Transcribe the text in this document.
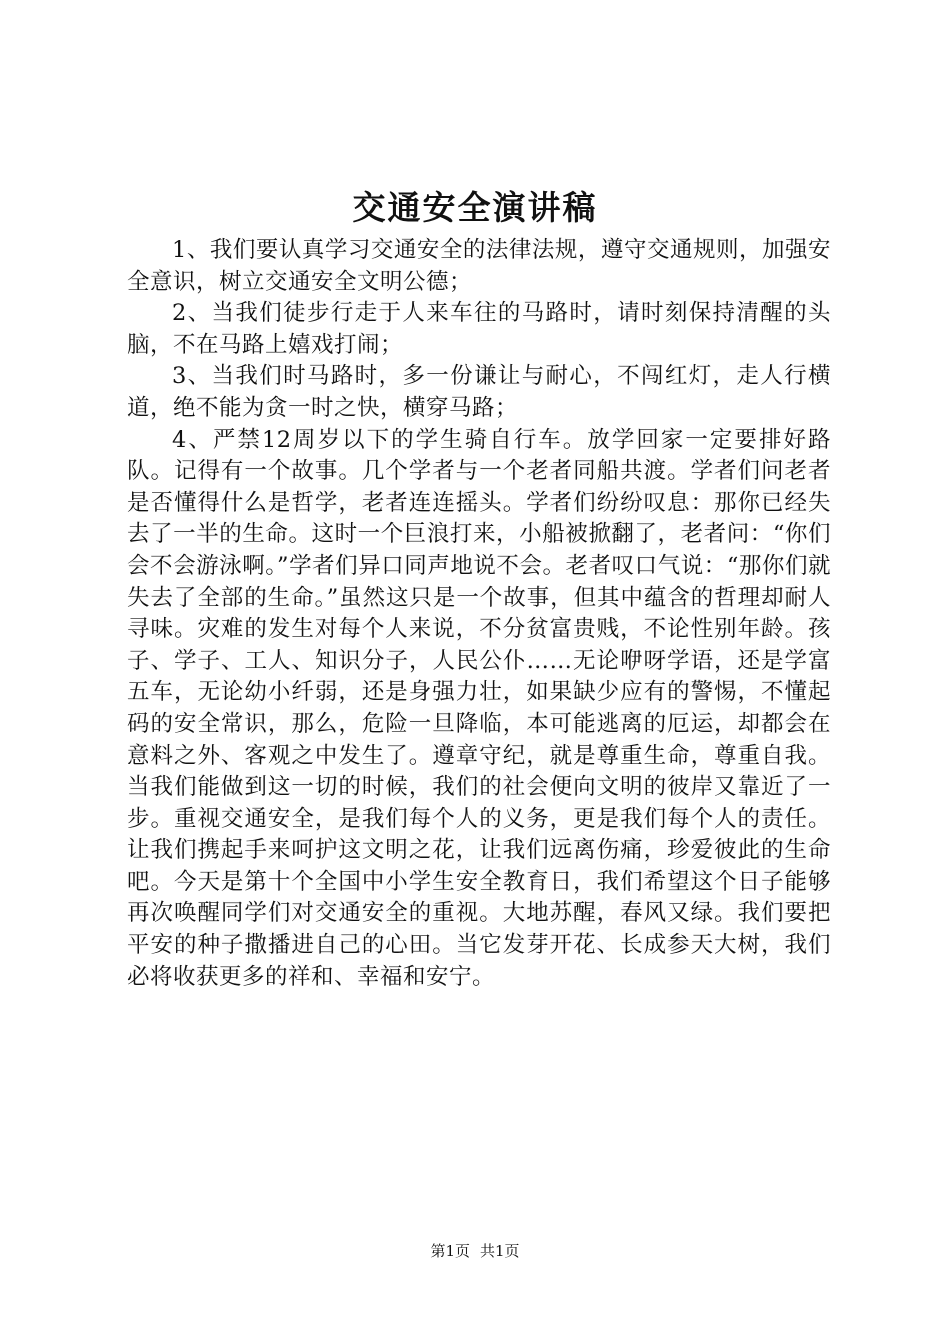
交通安全演讲稿

1、我们要认真学习交通安全的法律法规，遵守交通规则，加强安全意识，树立交通安全文明公德；

2、当我们徒步行走于人来车往的马路时，请时刻保持清醒的头脑，不在马路上嬉戏打闹；

3、当我们时马路时，多一份谦让与耐心，不闯红灯，走人行横道，绝不能为贪一时之快，横穿马路；

4、严禁12周岁以下的学生骑自行车。放学回家一定要排好路队。记得有一个故事。几个学者与一个老者同船共渡。学者们问老者是否懂得什么是哲学，老者连连摇头。学者们纷纷叹息：那你已经失去了一半的生命。这时一个巨浪打来，小船被掀翻了，老者问：“你们会不会游泳啊。”学者们异口同声地说不会。老者叹口气说：“那你们就失去了全部的生命。”虽然这只是一个故事，但其中蕴含的哲理却耐人寻味。灾难的发生对每个人来说，不分贫富贵贱，不论性别年龄。孩子、学子、工人、知识分子，人民公仆……无论咿呀学语，还是学富五车，无论幼小纤弱，还是身强力壮，如果缺少应有的警惕，不懂起码的安全常识，那么，危险一旦降临，本可能逃离的厄运，却都会在意料之外、客观之中发生了。遵章守纪，就是尊重生命，尊重自我。当我们能做到这一切的时候，我们的社会便向文明的彼岸又靠近了一步。重视交通安全，是我们每个人的义务，更是我们每个人的责任。让我们携起手来呵护这文明之花，让我们远离伤痛，珍爱彼此的生命吧。今天是第十个全国中小学生安全教育日，我们希望这个日子能够再次唤醒同学们对交通安全的重视。大地苏醒，春风又绿。我们要把平安的种子撒播进自己的心田。当它发芽开花、长成参天大树，我们必将收获更多的祥和、幸福和安宁。

第1页 共1页
